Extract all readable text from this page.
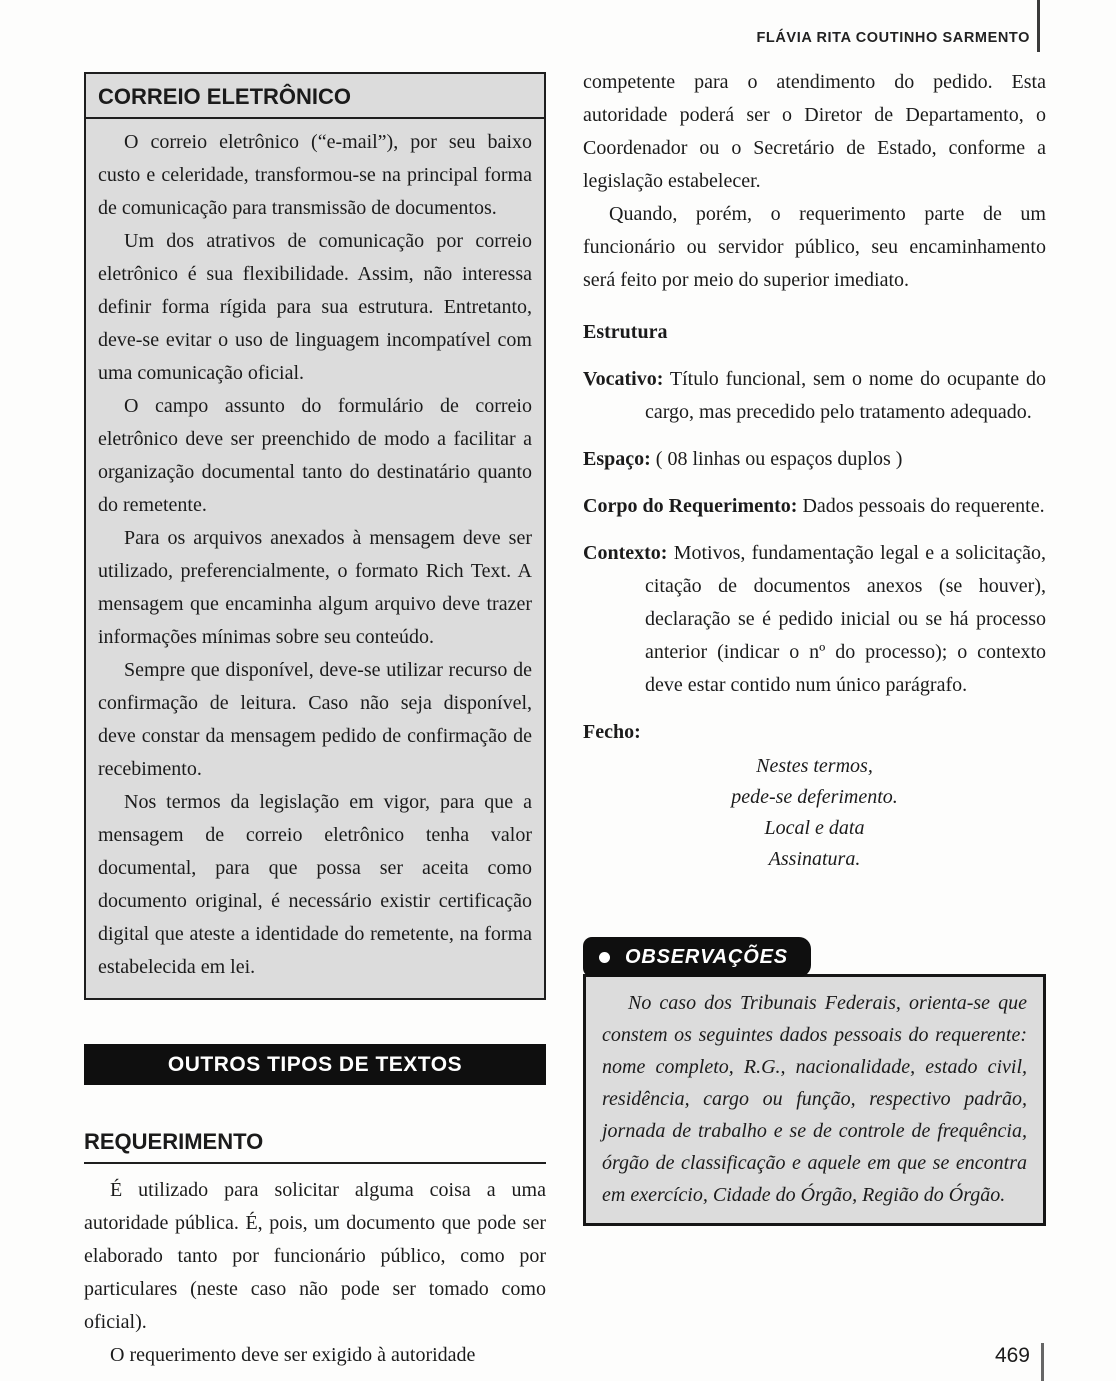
FLÁVIA RITA COUTINHO SARMENTO
CORREIO ELETRÔNICO

O correio eletrônico (“e-mail”), por seu baixo custo e celeridade, transformou-se na principal forma de comunicação para transmissão de documentos.

Um dos atrativos de comunicação por correio eletrônico é sua flexibilidade. Assim, não interessa definir forma rígida para sua estrutura. Entretanto, deve-se evitar o uso de linguagem incompatível com uma comunicação oficial.

O campo assunto do formulário de correio eletrônico deve ser preenchido de modo a facilitar a organização documental tanto do destinatário quanto do remetente.

Para os arquivos anexados à mensagem deve ser utilizado, preferencialmente, o formato Rich Text. A mensagem que encaminha algum arquivo deve trazer informações mínimas sobre seu conteúdo.

Sempre que disponível, deve-se utilizar recurso de confirmação de leitura. Caso não seja disponível, deve constar da mensagem pedido de confirmação de recebimento.

Nos termos da legislação em vigor, para que a mensagem de correio eletrônico tenha valor documental, para que possa ser aceita como documento original, é necessário existir certificação digital que ateste a identidade do remetente, na forma estabelecida em lei.

OUTROS TIPOS DE TEXTOS
REQUERIMENTO

É utilizado para solicitar alguma coisa a uma autoridade pública. É, pois, um documento que pode ser elaborado tanto por funcionário público, como por particulares (neste caso não pode ser tomado como oficial).

O requerimento deve ser exigido à autoridade

competente para o atendimento do pedido. Esta autoridade poderá ser o Diretor de Departamento, o Coordenador ou o Secretário de Estado, conforme a legislação estabelecer.

Quando, porém, o requerimento parte de um funcionário ou servidor público, seu encaminhamento será feito por meio do superior imediato.

Estrutura
Vocativo: Título funcional, sem o nome do ocupante do cargo, mas precedido pelo tratamento adequado.
Espaço: ( 08 linhas ou espaços duplos )
Corpo do Requerimento: Dados pessoais do requerente.
Contexto: Motivos, fundamentação legal e a solicitação, citação de documentos anexos (se houver), declaração se é pedido inicial ou se há processo anterior (indicar o nº do processo); o contexto deve estar contido num único parágrafo.
Fecho:
Nestes termos,
pede-se deferimento.
Local e data
Assinatura.
OBSERVAÇÕES

No caso dos Tribunais Federais, orienta-se que constem os seguintes dados pessoais do requerente: nome completo, R.G., nacionalidade, estado civil, residência, cargo ou função, respectivo padrão, jornada de trabalho e se de controle de frequência, órgão de classificação e aquele em que se encontra em exercício, Cidade do Órgão, Região do Órgão.

469
